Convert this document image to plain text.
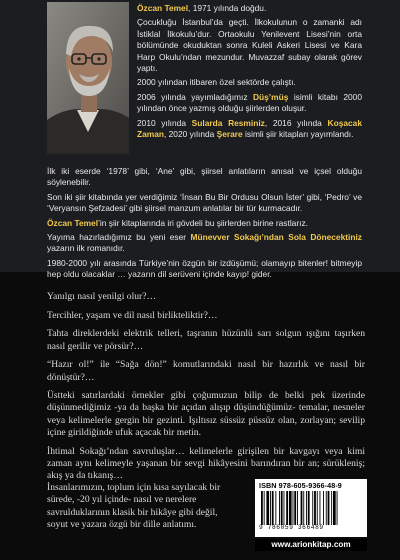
Özcan Temel, 1971 yılında doğdu.

Çocukluğu İstanbul’da geçti. İlkokulunun o zamanki adı İstiklal İlkokulu’dur. Ortaokulu Yenilevent Lisesi’nin orta bölümünde okuduktan sonra Kuleli Askeri Lisesi ve Kara Harp Okulu’ndan mezundur. Muvazzaf subay olarak görev yaptı.

2000 yılından itibaren özel sektörde çalıştı.

2006 yılında yayımladığımız Düş’müş isimli kitabı 2000 yılından önce yazmış olduğu şiirlerden oluşur.

2010 yılında Sularda Resminiz, 2016 yılında Koşacak Zaman, 2020 yılında Şerare isimli şiir kitapları yayımlandı.

İlk iki eserde ‘1978’ gibi, ‘Ane’ gibi, şiirsel anlatıların anısal ve içsel olduğu söylenebilir.

Son iki şiir kitabında yer verdiğimiz ‘İnsan Bu Bir Ordusu Olsun İster’ gibi, ‘Pedro’ ve ‘Veryansın Şefzadesi’ gibi şiirsel manzum anlatılar bir tür kurmacadır.

Özcan Temel’in şiir kitaplarında iri gövdeli bu şiirlerden birine rastlarız.

Yayıma hazırladığımız bu yeni eser Münevver Sokağı’ndan Sola Dönecektiniz yazarın ilk romanıdır.

1980-2000 yılı arasında Türkiye’nin özgün bir izdüşümü; olamayıp bitenler! bitmeyip hep oldu olacaklar … yazarın dil serüveni içinde kayıp! gider.

Yanılgı nasıl yenilgi olur?…

Tercihler, yaşam ve dil nasıl birlikteliktir?…

Tahta direklerdeki elektrik telleri, taşranın hüzünlü sarı solgun ışığını taşırken nasıl gerilir ve pörsür?…

“Hazır ol!” ile “Sağa dön!” komutlarındaki nasıl bir hazırlık ve nasıl bir dönüştür?…

Üstteki satırlardaki örnekler gibi çoğumuzun bilip de belki pek üzerinde düşünmediğimiz -ya da başka bir açıdan alışıp düşündüğümüz- temalar, nesneler veya kelimelerle gergin bir gezinti. Işıltısız süssüz püssüz olan, zorlayan; sevilip içine girildiğinde ufuk açacak bir metin.

İhtimal Sokağı’ndan savruluşlar… kelimelerle girişilen bir kavgayı veya kimi zaman aynı kelimeyle yaşanan bir sevgi hikâyesini barındıran bir an; sürükleniş; akış ya da tıkanış…
İnsanlarımızın, toplum için kısa sayılacak bir
sürede, -20 yıl içinde- nasıl ve nerelere
savrulduklarının klasik bir hikâye gibi değil,
soyut ve yazara özgü bir dille anlatımı.

ISBN 978-605-9366-48-9
9 786059 366489
www.arionkitap.com
